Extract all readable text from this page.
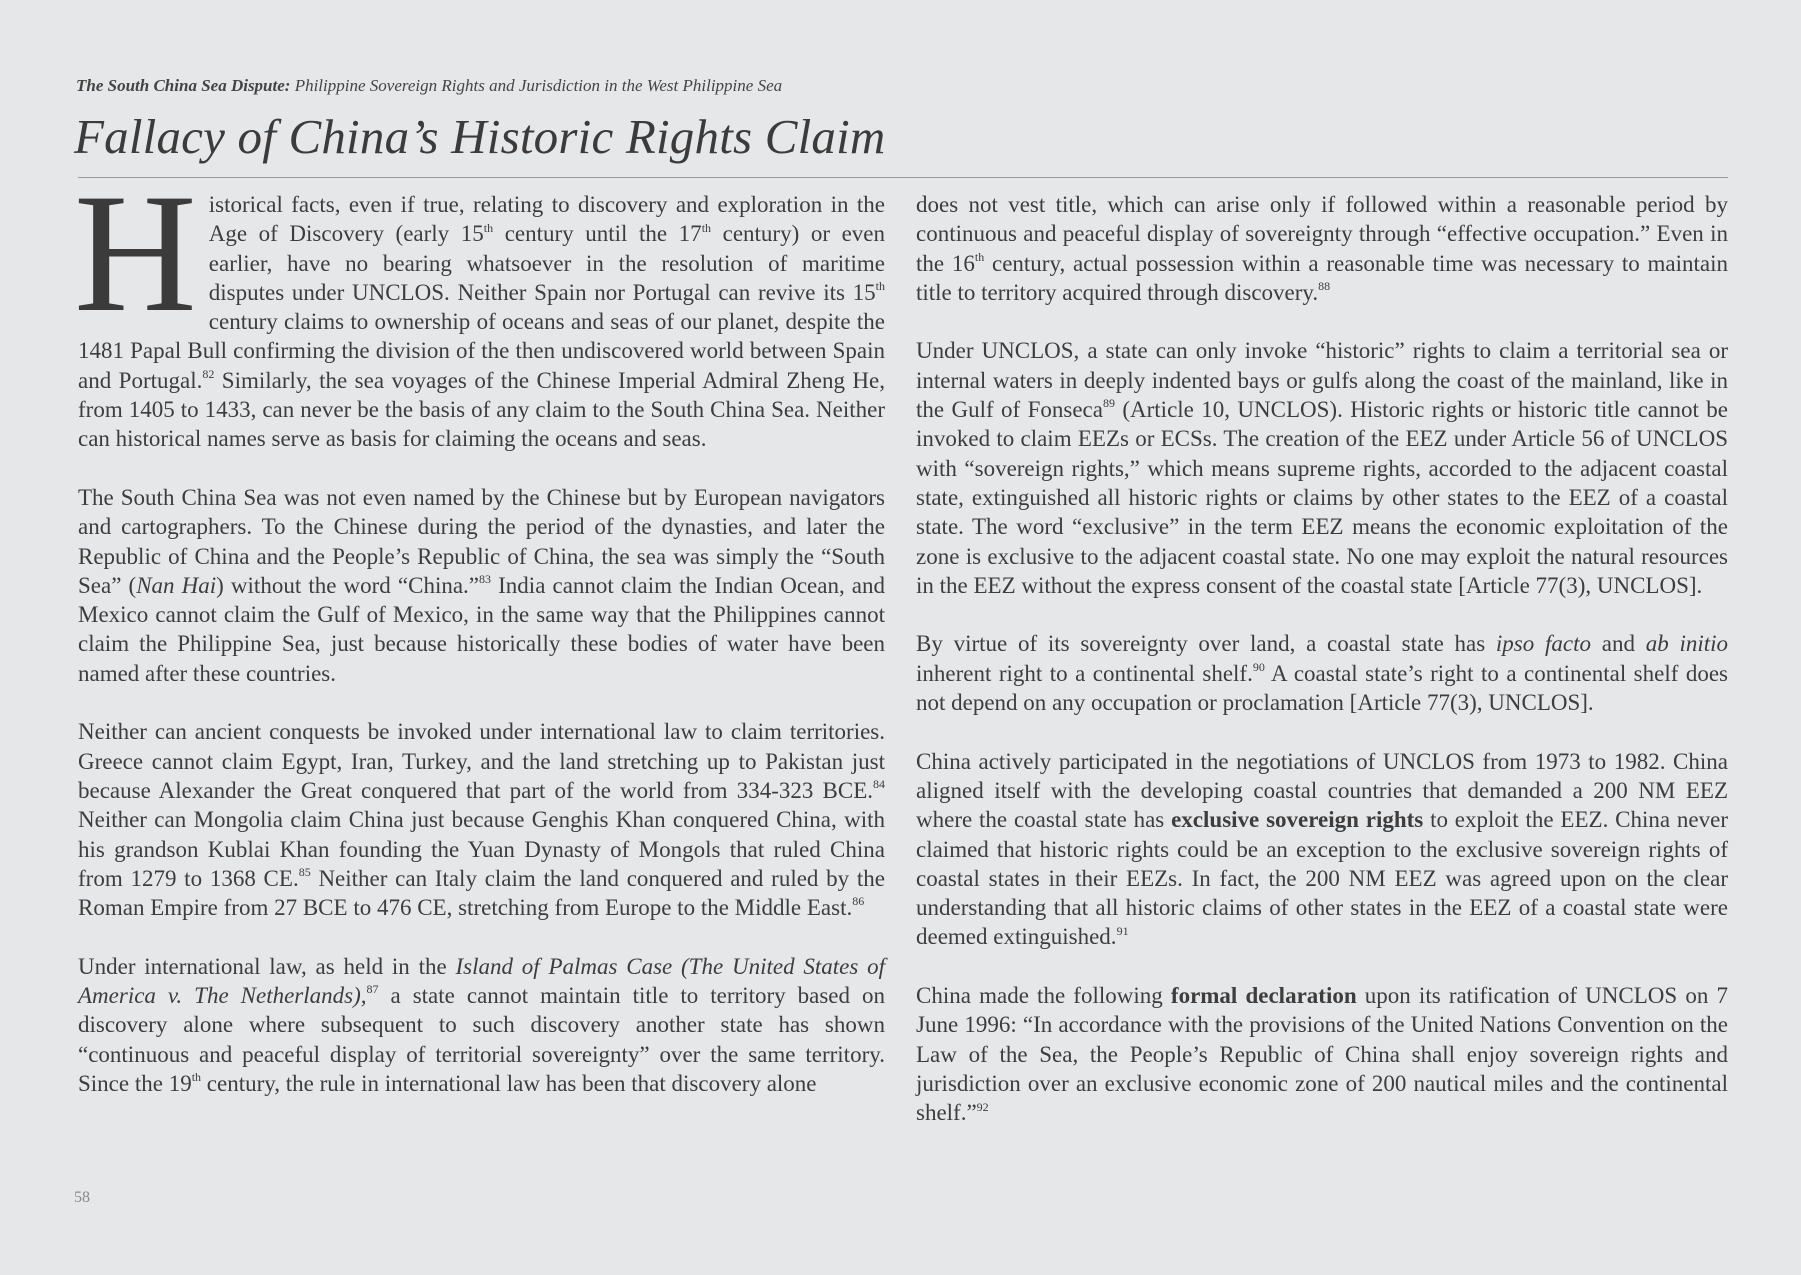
The South China Sea Dispute: Philippine Sovereign Rights and Jurisdiction in the West Philippine Sea
Fallacy of China’s Historic Rights Claim

Historical facts, even if true, relating to discovery and exploration in the Age of Discovery (early 15th century until the 17th century) or even earlier, have no bearing whatsoever in the resolution of maritime disputes under UNCLOS. Neither Spain nor Portugal can revive its 15th century claims to ownership of oceans and seas of our planet, despite the 1481 Papal Bull confirming the division of the then undiscovered world between Spain and Portugal.$^{82}$ Similarly, the sea voyages of the Chinese Imperial Admiral Zheng He, from 1405 to 1433, can never be the basis of any claim to the South China Sea. Neither can historical names serve as basis for claiming the oceans and seas.

The South China Sea was not even named by the Chinese but by European navigators and cartographers. To the Chinese during the period of the dynasties, and later the Republic of China and the People’s Republic of China, the sea was simply the “South Sea” (Nan Hai) without the word “China.”$^{83}$ India cannot claim the Indian Ocean, and Mexico cannot claim the Gulf of Mexico, in the same way that the Philippines cannot claim the Philippine Sea, just because historically these bodies of water have been named after these countries.

Neither can ancient conquests be invoked under international law to claim territories. Greece cannot claim Egypt, Iran, Turkey, and the land stretching up to Pakistan just because Alexander the Great conquered that part of the world from 334-323 BCE.$^{84}$ Neither can Mongolia claim China just because Genghis Khan conquered China, with his grandson Kublai Khan founding the Yuan Dynasty of Mongols that ruled China from 1279 to 1368 CE.$^{85}$ Neither can Italy claim the land conquered and ruled by the Roman Empire from 27 BCE to 476 CE, stretching from Europe to the Middle East.$^{86}$

Under international law, as held in the Island of Palmas Case (The United States of America v. The Netherlands),$^{87}$ a state cannot maintain title to territory based on discovery alone where subsequent to such discovery another state has shown “continuous and peaceful display of territorial sovereignty” over the same territory. Since the 19th century, the rule in international law has been that discovery alone

does not vest title, which can arise only if followed within a reasonable period by continuous and peaceful display of sovereignty through “effective occupation.” Even in the 16th century, actual possession within a reasonable time was necessary to maintain title to territory acquired through discovery.$^{88}$

Under UNCLOS, a state can only invoke “historic” rights to claim a territorial sea or internal waters in deeply indented bays or gulfs along the coast of the mainland, like in the Gulf of Fonseca$^{89}$ (Article 10, UNCLOS). Historic rights or historic title cannot be invoked to claim EEZs or ECSs. The creation of the EEZ under Article 56 of UNCLOS with “sovereign rights,” which means supreme rights, accorded to the adjacent coastal state, extinguished all historic rights or claims by other states to the EEZ of a coastal state. The word “exclusive” in the term EEZ means the economic exploitation of the zone is exclusive to the adjacent coastal state. No one may exploit the natural resources in the EEZ without the express consent of the coastal state [Article 77(3), UNCLOS].

By virtue of its sovereignty over land, a coastal state has ipso facto and ab initio inherent right to a continental shelf.$^{90}$ A coastal state’s right to a continental shelf does not depend on any occupation or proclamation [Article 77(3), UNCLOS].

China actively participated in the negotiations of UNCLOS from 1973 to 1982. China aligned itself with the developing coastal countries that demanded a 200 NM EEZ where the coastal state has exclusive sovereign rights to exploit the EEZ. China never claimed that historic rights could be an exception to the exclusive sovereign rights of coastal states in their EEZs. In fact, the 200 NM EEZ was agreed upon on the clear understanding that all historic claims of other states in the EEZ of a coastal state were deemed extinguished.$^{91}$

China made the following formal declaration upon its ratification of UNCLOS on 7 June 1996: “In accordance with the provisions of the United Nations Convention on the Law of the Sea, the People’s Republic of China shall enjoy sovereign rights and jurisdiction over an exclusive economic zone of 200 nautical miles and the continental shelf.”$^{92}$

58
